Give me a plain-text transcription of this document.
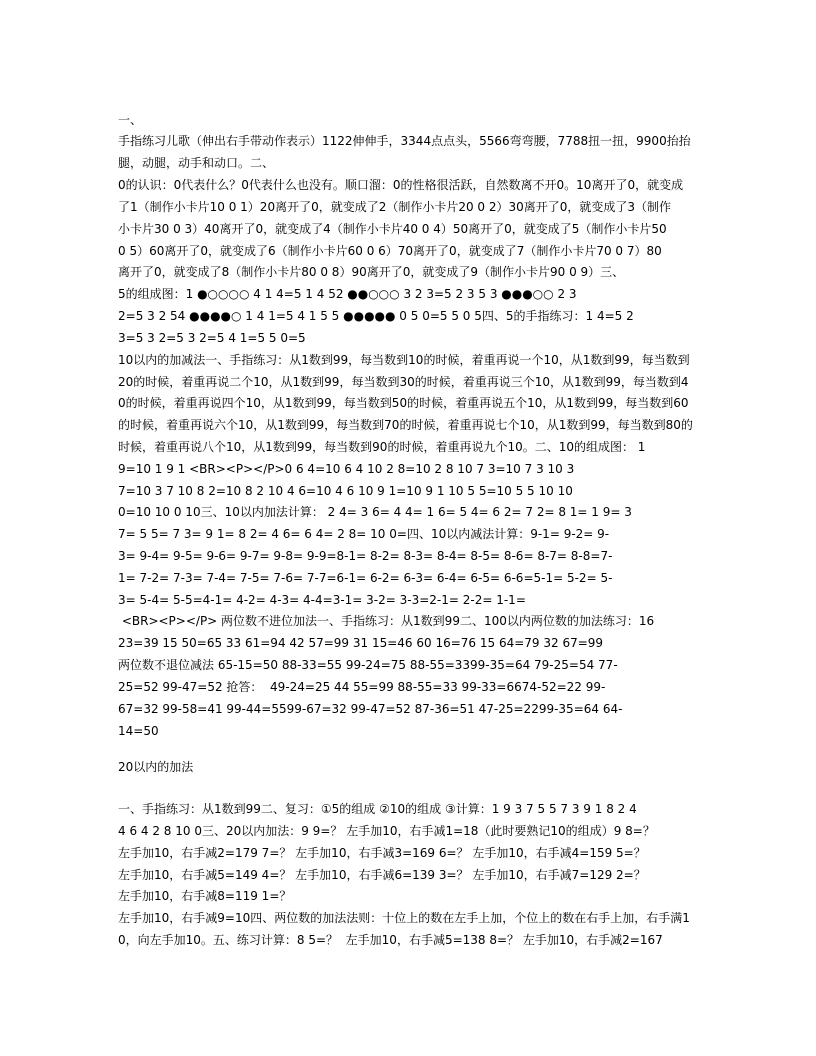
一、
手指练习儿歌（伸出右手带动作表示）1122伸伸手，3344点点头，5566弯弯腰，7788扭一扭，9900抬抬
腿，动腿，动手和动口。二、
0的认识：0代表什么？0代表什么也没有。顺口溜：0的性格很活跃，自然数离不开0。10离开了0，就变成
了1（制作小卡片10 0 1）20离开了0，就变成了2（制作小卡片20 0 2）30离开了0，就变成了3（制作
小卡片30 0 3）40离开了0，就变成了4（制作小卡片40 0 4）50离开了0，就变成了5（制作小卡片50
0 5）60离开了0，就变成了6（制作小卡片60 0 6）70离开了0，就变成了7（制作小卡片70 0 7）80
离开了0，就变成了8（制作小卡片80 0 8）90离开了0，就变成了9（制作小卡片90 0 9）三、
5的组成图：1 ●○○○○ 4 1 4=5 1 4 52 ●●○○○ 3 2 3=5 2 3 5 3 ●●●○○ 2 3
2=5 3 2 54 ●●●●○ 1 4 1=5 4 1 5 5 ●●●●● 0 5 0=5 5 0 5四、5的手指练习：1 4=5 2
3=5 3 2=5 3 2=5 4 1=5 5 0=5
10以内的加减法一、手指练习：从1数到99，每当数到10的时候，着重再说一个10，从1数到99，每当数到
20的时候，着重再说二个10，从1数到99，每当数到30的时候，着重再说三个10，从1数到99，每当数到4
0的时候，着重再说四个10，从1数到99，每当数到50的时候，着重再说五个10，从1数到99，每当数到60
的时候，着重再说六个10，从1数到99，每当数到70的时候，着重再说七个10，从1数到99，每当数到80的
时候，着重再说八个10，从1数到99，每当数到90的时候，着重再说九个10。二、10的组成图： 1
9=10 1 9 1 <BR><P></P>0 6 4=10 6 4 10 2 8=10 2 8 10 7 3=10 7 3 10 3
7=10 3 7 10 8 2=10 8 2 10 4 6=10 4 6 10 9 1=10 9 1 10 5 5=10 5 5 10 10
0=10 10 0 10三、10以内加法计算： 2 4= 3 6= 4 4= 1 6= 5 4= 6 2= 7 2= 8 1= 1 9= 3
7= 5 5= 7 3= 9 1= 8 2= 4 6= 6 4= 2 8= 10 0=四、10以内减法计算：9-1= 9-2= 9-
3= 9-4= 9-5= 9-6= 9-7= 9-8= 9-9=8-1= 8-2= 8-3= 8-4= 8-5= 8-6= 8-7= 8-8=7-
1= 7-2= 7-3= 7-4= 7-5= 7-6= 7-7=6-1= 6-2= 6-3= 6-4= 6-5= 6-6=5-1= 5-2= 5-
3= 5-4= 5-5=4-1= 4-2= 4-3= 4-4=3-1= 3-2= 3-3=2-1= 2-2= 1-1=
<BR><P></P> 两位数不进位加法一、手指练习：从1数到99二、100以内两位数的加法练习：16
23=39 15 50=65 33 61=94 42 57=99 31 15=46 60 16=76 15 64=79 32 67=99
两位数不退位减法 65-15=50 88-33=55 99-24=75 88-55=3399-35=64 79-25=54 77-
25=52 99-47=52 抢答：  49-24=25 44 55=99 88-55=33 99-33=6674-52=22 99-
67=32 99-58=41 99-44=5599-67=32 99-47=52 87-36=51 47-25=2299-35=64 64-
14=50
20以内的加法
一、手指练习：从1数到99二、复习：①5的组成 ②10的组成 ③计算：1 9 3 7 5 5 7 3 9 1 8 2 4
4 6 4 2 8 10 0三、20以内加法：9 9=？ 左手加10，右手减1=18（此时要熟记10的组成）9 8=？
左手加10，右手减2=179 7=？ 左手加10，右手减3=169 6=？ 左手加10，右手减4=159 5=？
左手加10，右手减5=149 4=？ 左手加10，右手减6=139 3=？ 左手加10，右手减7=129 2=？
左手加10，右手减8=119 1=？
左手加10，右手减9=10四、两位数的加法法则：十位上的数在左手上加，个位上的数在右手上加，右手满1
0，向左手加10。五、练习计算：8 5=？  左手加10，右手减5=138 8=？ 左手加10，右手减2=167
